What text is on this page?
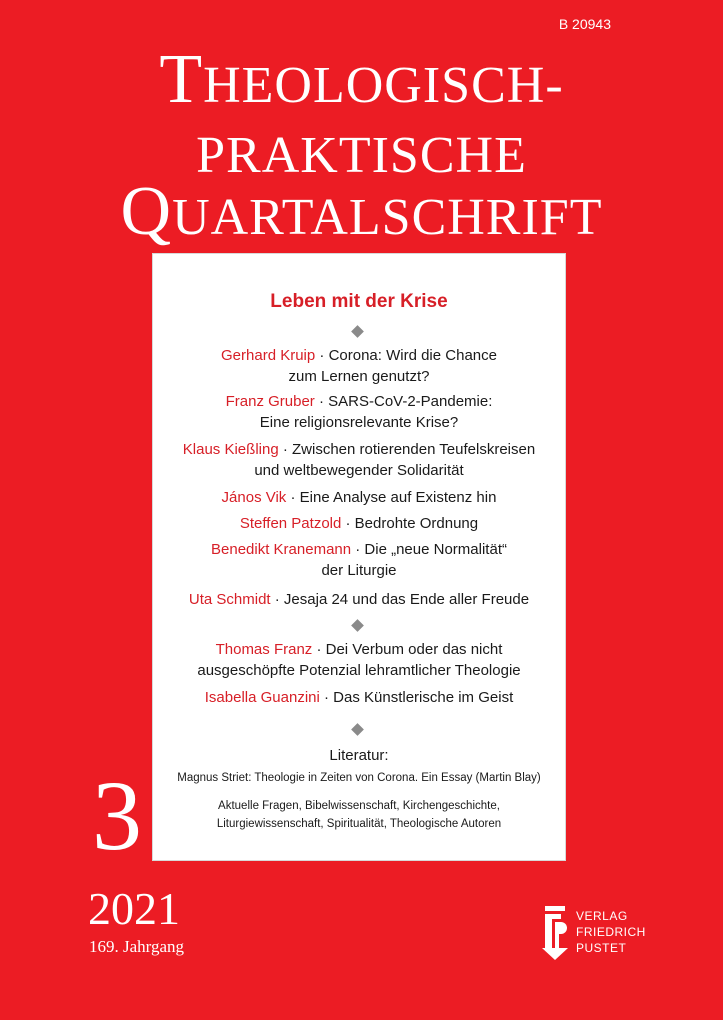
B 20943
THEOLOGISCH-
PRAKTISCHE
QUARTALSCHRIFT
Leben mit der Krise
Gerhard Kruip · Corona: Wird die Chance
zum Lernen genutzt?
Franz Gruber · SARS-CoV-2-Pandemie:
Eine religionsrelevante Krise?
Klaus Kießling · Zwischen rotierenden Teufelskreisen
und weltbewegender Solidarität
János Vik · Eine Analyse auf Existenz hin
Steffen Patzold · Bedrohte Ordnung
Benedikt Kranemann · Die „neue Normalität“
der Liturgie
Uta Schmidt · Jesaja 24 und das Ende aller Freude
Thomas Franz · Dei Verbum oder das nicht
ausgeschöpfte Potenzial lehramtlicher Theologie
Isabella Guanzini · Das Künstlerische im Geist
Literatur:
Magnus Striet: Theologie in Zeiten von Corona. Ein Essay (Martin Blay)
Aktuelle Fragen, Bibelwissenschaft, Kirchengeschichte,
Liturgiewissenschaft, Spiritualität, Theologische Autoren
3
2021
169. Jahrgang
VERLAG
FRIEDRICH
PUSTET
